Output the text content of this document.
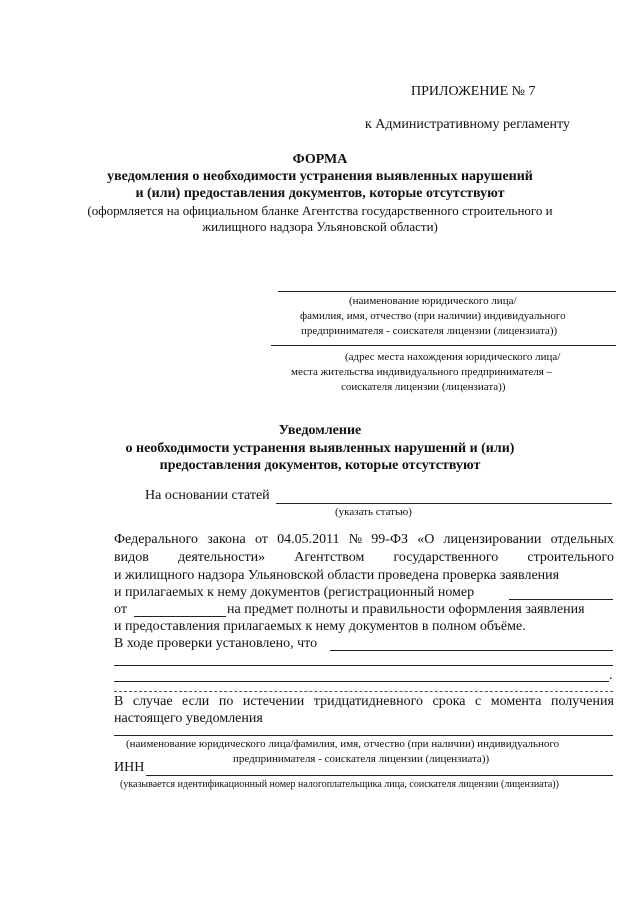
ПРИЛОЖЕНИЕ № 7
к Административному регламенту
ФОРМА
уведомления о необходимости устранения выявленных нарушений
и (или) предоставления документов, которые отсутствуют
(оформляется на официальном бланке Агентства государственного строительного и
жилищного надзора Ульяновской области)
(наименование юридического лица/
фамилия, имя, отчество (при наличии) индивидуального
предпринимателя - соискателя лицензии (лицензиата))
(адрес места нахождения юридического лица/
места жительства индивидуального предпринимателя –
соискателя лицензии (лицензиата))
Уведомление
о необходимости устранения выявленных нарушений и (или)
предоставления документов, которые отсутствуют
На основании статей
(указать статью)
Федерального закона от 04.05.2011 № 99-ФЗ «О лицензировании отдельных
видов деятельности» Агентством государственного строительного
и жилищного надзора Ульяновской области проведена проверка заявления
и прилагаемых к нему документов (регистрационный номер
от	на предмет полноты и правильности оформления заявления
и предоставления прилагаемых к нему документов в полном объёме.
В ходе проверки установлено, что
.
В случае если по истечении тридцатидневного срока с момента получения
настоящего уведомления
(наименование юридического лица/фамилия, имя, отчество (при наличии) индивидуального
предпринимателя - соискателя лицензии (лицензиата))
ИНН
(указывается идентификационный номер налогоплательщика лица, соискателя лицензии (лицензиата))
